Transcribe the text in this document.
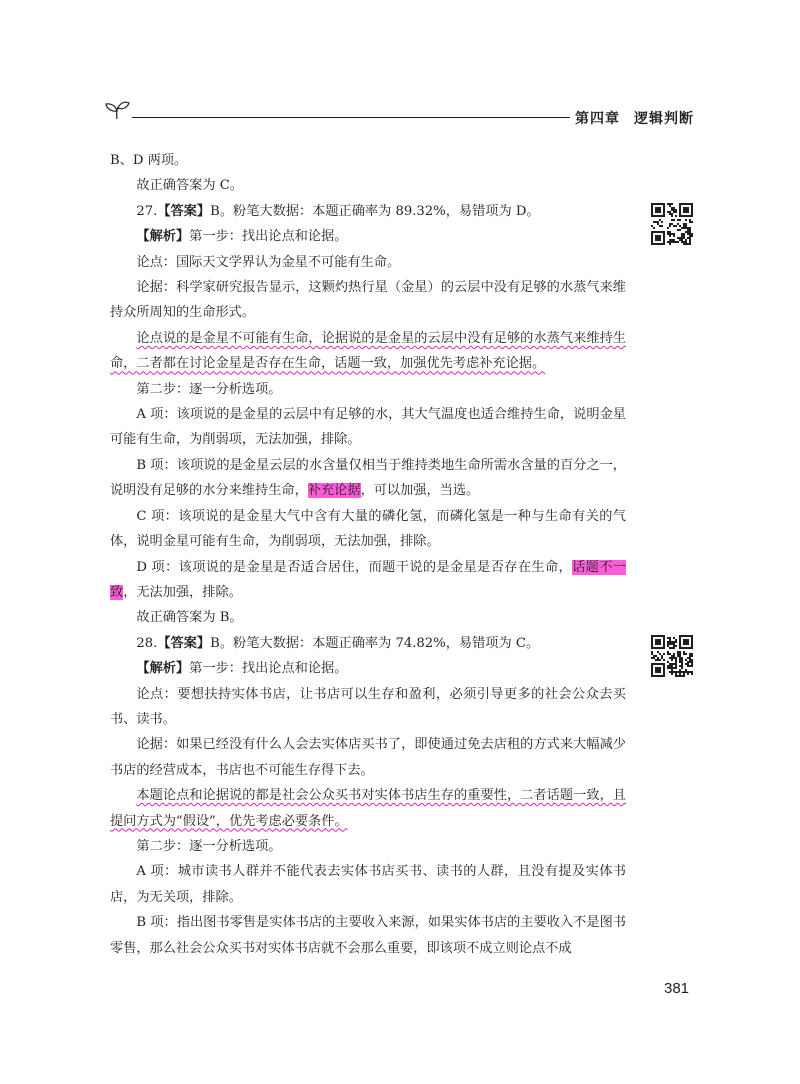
第四章 逻辑判断

B、D 两项。

故正确答案为 C。

27.【答案】B。粉笔大数据：本题正确率为 89.32%，易错项为 D。

【解析】第一步：找出论点和论据。

论点：国际天文学界认为金星不可能有生命。

论据：科学家研究报告显示，这颗灼热行星（金星）的云层中没有足够的水蒸气来维持众所周知的生命形式。

论点说的是金星不可能有生命，论据说的是金星的云层中没有足够的水蒸气来维持生命，二者都在讨论金星是否存在生命，话题一致，加强优先考虑补充论据。

第二步：逐一分析选项。

A 项：该项说的是金星的云层中有足够的水，其大气温度也适合维持生命，说明金星可能有生命，为削弱项，无法加强，排除。

B 项：该项说的是金星云层的水含量仅相当于维持类地生命所需水含量的百分之一，说明没有足够的水分来维持生命，补充论据，可以加强，当选。

C 项：该项说的是金星大气中含有大量的磷化氢，而磷化氢是一种与生命有关的气体，说明金星可能有生命，为削弱项，无法加强，排除。

D 项：该项说的是金星是否适合居住，而题干说的是金星是否存在生命，话题不一致，无法加强，排除。

故正确答案为 B。

28.【答案】B。粉笔大数据：本题正确率为 74.82%，易错项为 C。

【解析】第一步：找出论点和论据。

论点：要想扶持实体书店，让书店可以生存和盈利，必须引导更多的社会公众去买书、读书。

论据：如果已经没有什么人会去实体店买书了，即使通过免去店租的方式来大幅减少书店的经营成本，书店也不可能生存得下去。

本题论点和论据说的都是社会公众买书对实体书店生存的重要性，二者话题一致，且提问方式为“假设”，优先考虑必要条件。

第二步：逐一分析选项。

A 项：城市读书人群并不能代表去实体书店买书、读书的人群，且没有提及实体书店，为无关项，排除。

B 项：指出图书零售是实体书店的主要收入来源，如果实体书店的主要收入不是图书零售，那么社会公众买书对实体书店就不会那么重要，即该项不成立则论点不成

381
